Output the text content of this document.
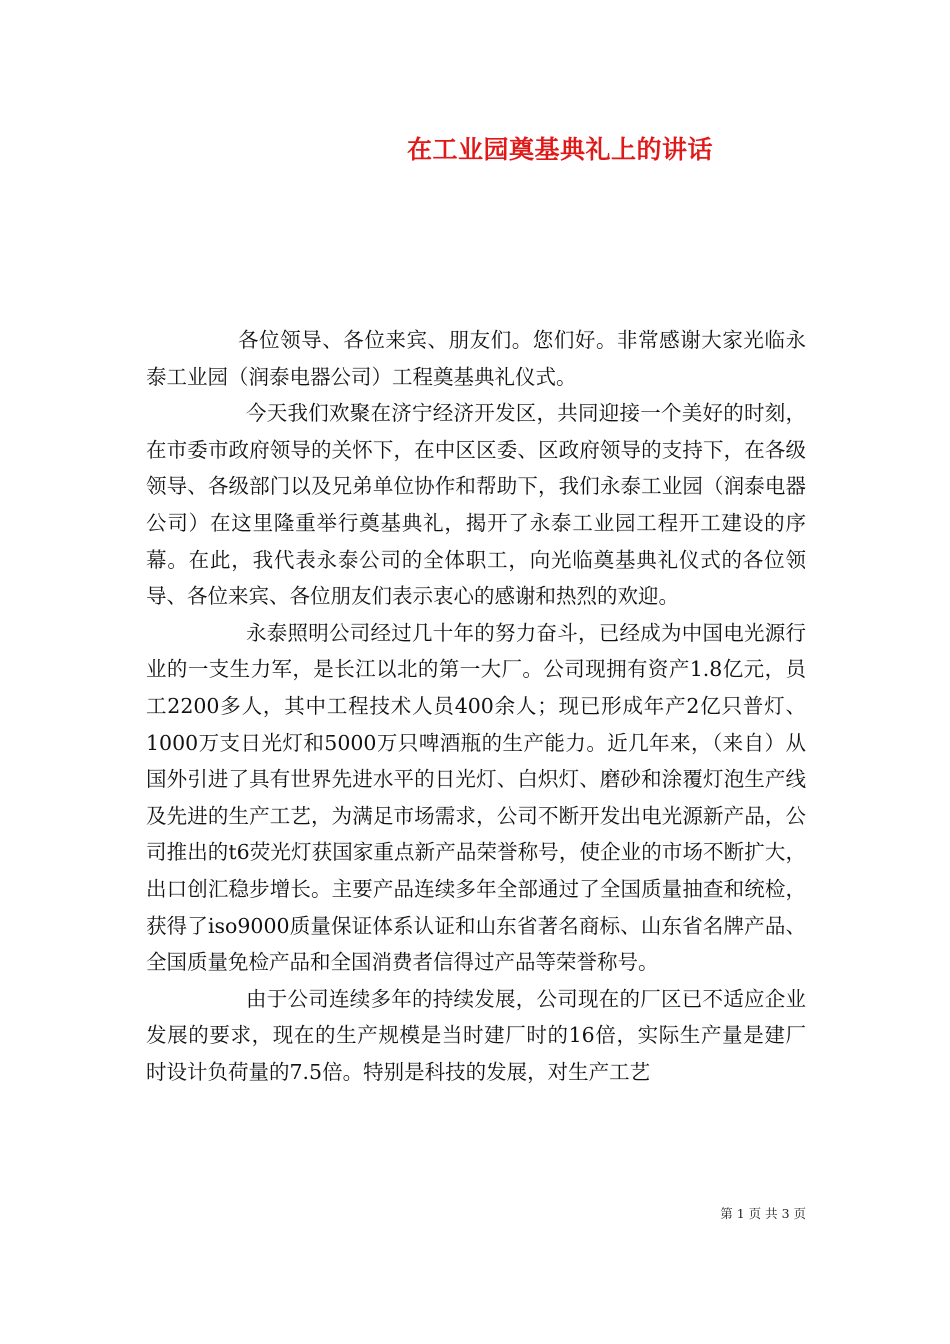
在工业园奠基典礼上的讲话

各位领导、各位来宾、朋友们。您们好。非常感谢大家光临永泰工业园（润泰电器公司）工程奠基典礼仪式。

今天我们欢聚在济宁经济开发区，共同迎接一个美好的时刻，在市委市政府领导的关怀下，在中区区委、区政府领导的支持下，在各级领导、各级部门以及兄弟单位协作和帮助下，我们永泰工业园（润泰电器公司）在这里隆重举行奠基典礼，揭开了永泰工业园工程开工建设的序幕。在此，我代表永泰公司的全体职工，向光临奠基典礼仪式的各位领导、各位来宾、各位朋友们表示衷心的感谢和热烈的欢迎。

永泰照明公司经过几十年的努力奋斗，已经成为中国电光源行业的一支生力军，是长江以北的第一大厂。公司现拥有资产1.8亿元，员工2200多人，其中工程技术人员400余人；现已形成年产2亿只普灯、1000万支日光灯和5000万只啤酒瓶的生产能力。近几年来，（来自）从国外引进了具有世界先进水平的日光灯、白炽灯、磨砂和涂覆灯泡生产线及先进的生产工艺，为满足市场需求，公司不断开发出电光源新产品，公司推出的t6荧光灯获国家重点新产品荣誉称号，使企业的市场不断扩大，出口创汇稳步增长。主要产品连续多年全部通过了全国质量抽查和统检，获得了iso9000质量保证体系认证和山东省著名商标、山东省名牌产品、全国质量免检产品和全国消费者信得过产品等荣誉称号。

由于公司连续多年的持续发展，公司现在的厂区已不适应企业发展的要求，现在的生产规模是当时建厂时的16倍，实际生产量是建厂时设计负荷量的7.5倍。特别是科技的发展，对生产工艺

第 1 页 共 3 页
